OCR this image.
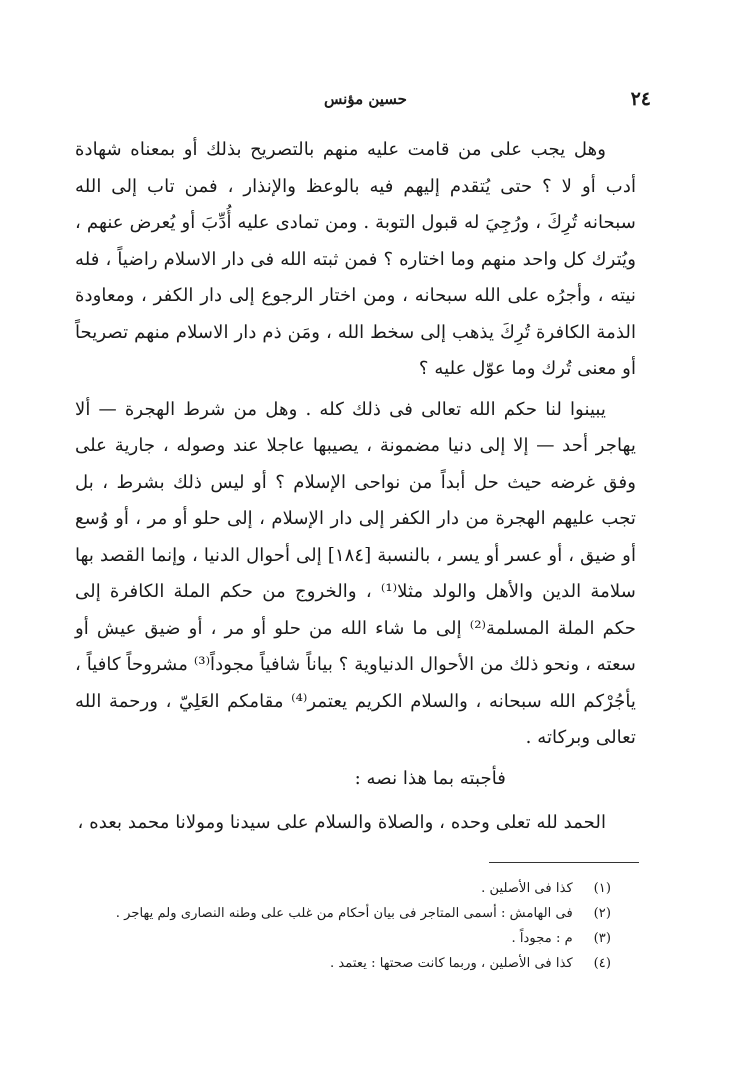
٢٤
حسين مؤنس

وهل يجب على من قامت عليه منهم بالتصريح بذلك أو بمعناه شهادة أدب أو لا ؟ حتى يُتقدم إليهم فيه بالوعظ والإنذار ، فمن تاب إلى الله سبحانه تُرِكَ ، ورُجِيَ له قبول التوبة . ومن تمادى عليه أُدِّبَ أو يُعرض عنهم ، ويُترك كل واحد منهم وما اختاره ؟ فمن ثبته الله فى دار الاسلام راضياً ، فله نيته ، وأجرُه على الله سبحانه ، ومن اختار الرجوع إلى دار الكفر ، ومعاودة الذمة الكافرة تُرِكَ يذهب إلى سخط الله ، ومَن ذم دار الاسلام منهم تصريحاً أو معنى تُرك وما عوّل عليه ؟

يبينوا لنا حكم الله تعالى فى ذلك كله . وهل من شرط الهجرة — ألا يهاجر أحد — إلا إلى دنيا مضمونة ، يصيبها عاجلا عند وصوله ، جارية على وفق غرضه حيث حل أبداً من نواحى الإسلام ؟ أو ليس ذلك بشرط ، بل تجب عليهم الهجرة من دار الكفر إلى دار الإسلام ، إلى حلو أو مر ، أو وُسع أو ضيق ، أو عسر أو يسر ، بالنسبة [١٨٤] إلى أحوال الدنيا ، وإنما القصد بها سلامة الدين والأهل والولد مثلا⁽¹⁾ ، والخروج من حكم الملة الكافرة إلى حكم الملة المسلمة⁽²⁾ إلى ما شاء الله من حلو أو مر ، أو ضيق عيش أو سعته ، ونحو ذلك من الأحوال الدنياوية ؟ بياناً شافياً مجوداً⁽³⁾ مشروحاً كافياً ، يأجُرْكم الله سبحانه ، والسلام الكريم يعتمر⁽⁴⁾ مقامكم العَلِيّ ، ورحمة الله تعالى وبركاته .

فأجبته بما هذا نصه :

الحمد لله تعلى وحده ، والصلاة والسلام على سيدنا ومولانا محمد بعده ،

(١) كذا فى الأصلين .
(٢) فى الهامش : أسمى المتاجر فى بيان أحكام من غلب على وطنه النصارى ولم يهاجر .
(٣) م : مجوداً .
(٤) كذا فى الأصلين ، وربما كانت صحتها : يعتمد .
